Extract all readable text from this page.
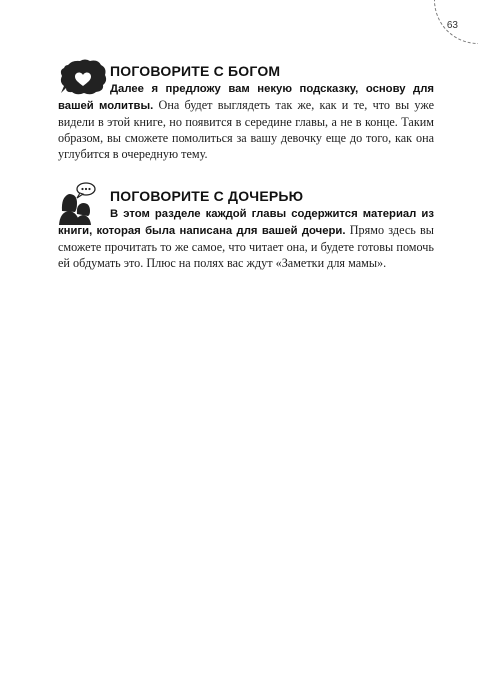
63

ПОГОВОРИТЕ С БОГОМ

Далее я предложу вам некую подсказку, основу для вашей молитвы. Она будет выглядеть так же, как и те, что вы уже видели в этой книге, но появится в середине главы, а не в конце. Таким образом, вы сможете помолиться за вашу девочку еще до того, как она углубится в очередную тему.

ПОГОВОРИТЕ С ДОЧЕРЬЮ

В этом разделе каждой главы содержится материал из книги, которая была написана для вашей дочери. Прямо здесь вы сможете прочитать то же самое, что читает она, и будете готовы помочь ей обдумать это. Плюс на полях вас ждут «Заметки для мамы».
